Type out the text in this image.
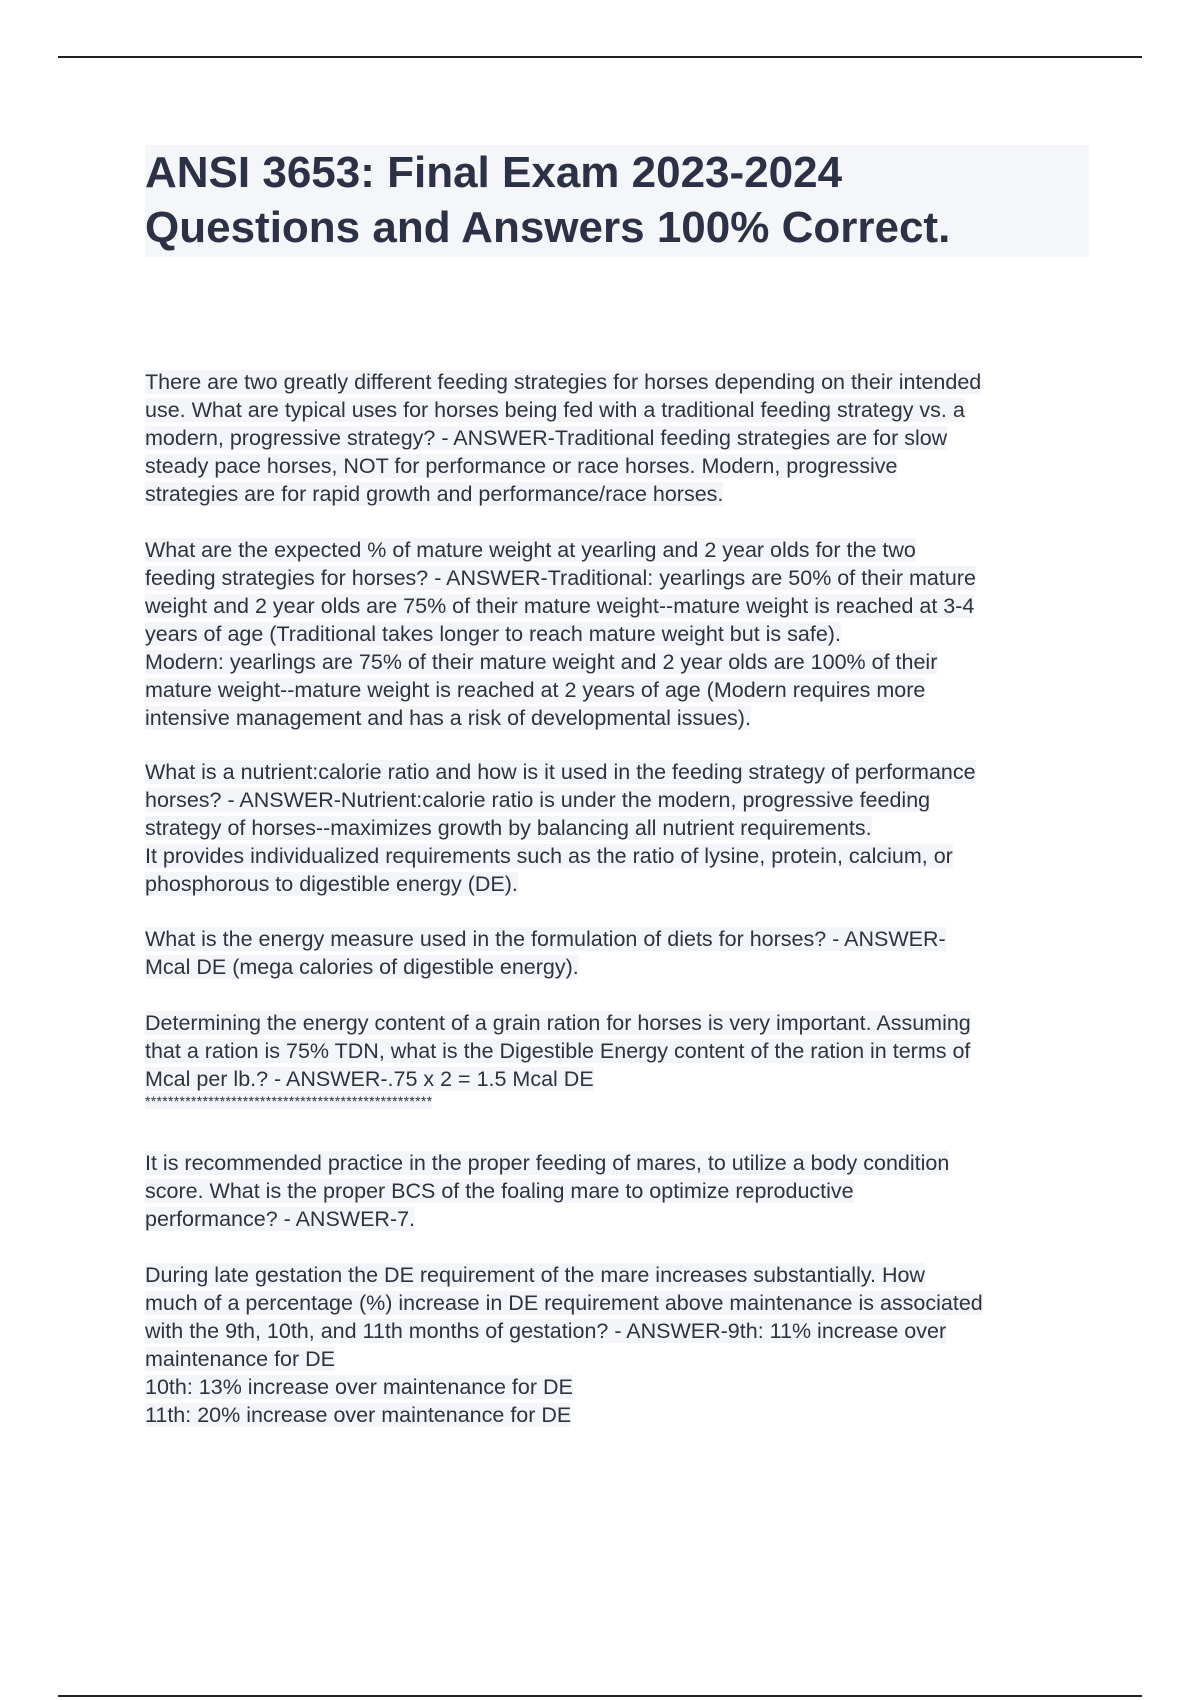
ANSI 3653: Final Exam 2023-2024
Questions and Answers 100% Correct.

There are two greatly different feeding strategies for horses depending on their intended

use. What are typical uses for horses being fed with a traditional feeding strategy vs. a

modern, progressive strategy? - ANSWER-Traditional feeding strategies are for slow

steady pace horses, NOT for performance or race horses. Modern, progressive

strategies are for rapid growth and performance/race horses.

What are the expected % of mature weight at yearling and 2 year olds for the two

feeding strategies for horses? - ANSWER-Traditional: yearlings are 50% of their mature

weight and 2 year olds are 75% of their mature weight--mature weight is reached at 3-4

years of age (Traditional takes longer to reach mature weight but is safe).

Modern: yearlings are 75% of their mature weight and 2 year olds are 100% of their

mature weight--mature weight is reached at 2 years of age (Modern requires more

intensive management and has a risk of developmental issues).

What is a nutrient:calorie ratio and how is it used in the feeding strategy of performance

horses? - ANSWER-Nutrient:calorie ratio is under the modern, progressive feeding

strategy of horses--maximizes growth by balancing all nutrient requirements.

It provides individualized requirements such as the ratio of lysine, protein, calcium, or

phosphorous to digestible energy (DE).

What is the energy measure used in the formulation of diets for horses? - ANSWER-

Mcal DE (mega calories of digestible energy).

Determining the energy content of a grain ration for horses is very important. Assuming

that a ration is 75% TDN, what is the Digestible Energy content of the ration in terms of

Mcal per lb.? - ANSWER-.75 x 2 = 1.5 Mcal DE

**************************************************

It is recommended practice in the proper feeding of mares, to utilize a body condition

score. What is the proper BCS of the foaling mare to optimize reproductive

performance? - ANSWER-7.

During late gestation the DE requirement of the mare increases substantially. How

much of a percentage (%) increase in DE requirement above maintenance is associated

with the 9th, 10th, and 11th months of gestation? - ANSWER-9th: 11% increase over

maintenance for DE

10th: 13% increase over maintenance for DE

11th: 20% increase over maintenance for DE
